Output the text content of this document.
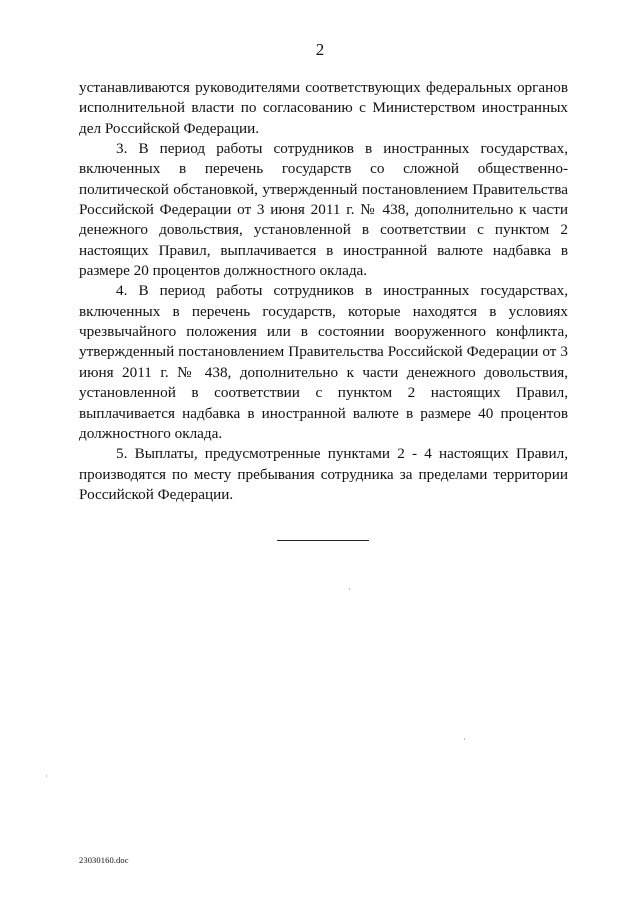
2

устанавливаются руководителями соответствующих федеральных органов исполнительной власти по согласованию с Министерством иностранных дел Российской Федерации.

3. В период работы сотрудников в иностранных государствах, включенных в перечень государств со сложной общественно-политической обстановкой, утвержденный постановлением Правительства Российской Федерации от 3 июня 2011 г. № 438, дополнительно к части денежного довольствия, установленной в соответствии с пунктом 2 настоящих Правил, выплачивается в иностранной валюте надбавка в размере 20 процентов должностного оклада.

4. В период работы сотрудников в иностранных государствах, включенных в перечень государств, которые находятся в условиях чрезвычайного положения или в состоянии вооруженного конфликта, утвержденный постановлением Правительства Российской Федерации от 3 июня 2011 г. № 438, дополнительно к части денежного довольствия, установленной в соответствии с пунктом 2 настоящих Правил, выплачивается надбавка в иностранной валюте в размере 40 процентов должностного оклада.

5. Выплаты, предусмотренные пунктами 2 - 4 настоящих Правил, производятся по месту пребывания сотрудника за пределами территории Российской Федерации.

23030160.doc
